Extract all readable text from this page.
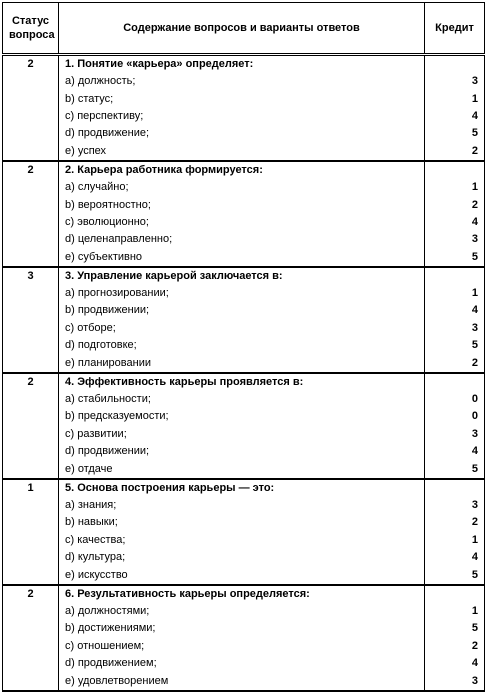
Статус
вопроса	Содержание вопросов и варианты ответов	Кредит
2	1. Понятие «карьера» определяет:	
	a) должность;	3
	b) статус;	1
	c) перспективу;	4
	d) продвижение;	5
	e) успех	2
2	2. Карьера работника формируется:	
	a) случайно;	1
	b) вероятностно;	2
	c) эволюционно;	4
	d) целенаправленно;	3
	e) субъективно	5
3	3. Управление карьерой заключается в:	
	a) прогнозировании;	1
	b) продвижении;	4
	c) отборе;	3
	d) подготовке;	5
	e) планировании	2
2	4. Эффективность карьеры проявляется в:	
	a) стабильности;	0
	b) предсказуемости;	0
	c) развитии;	3
	d) продвижении;	4
	e) отдаче	5
1	5. Основа построения карьеры — это:	
	a) знания;	3
	b) навыки;	2
	c) качества;	1
	d) культура;	4
	e) искусство	5
2	6. Результативность карьеры определяется:	
	a) должностями;	1
	b) достижениями;	5
	c) отношением;	2
	d) продвижением;	4
	e) удовлетворением	3
